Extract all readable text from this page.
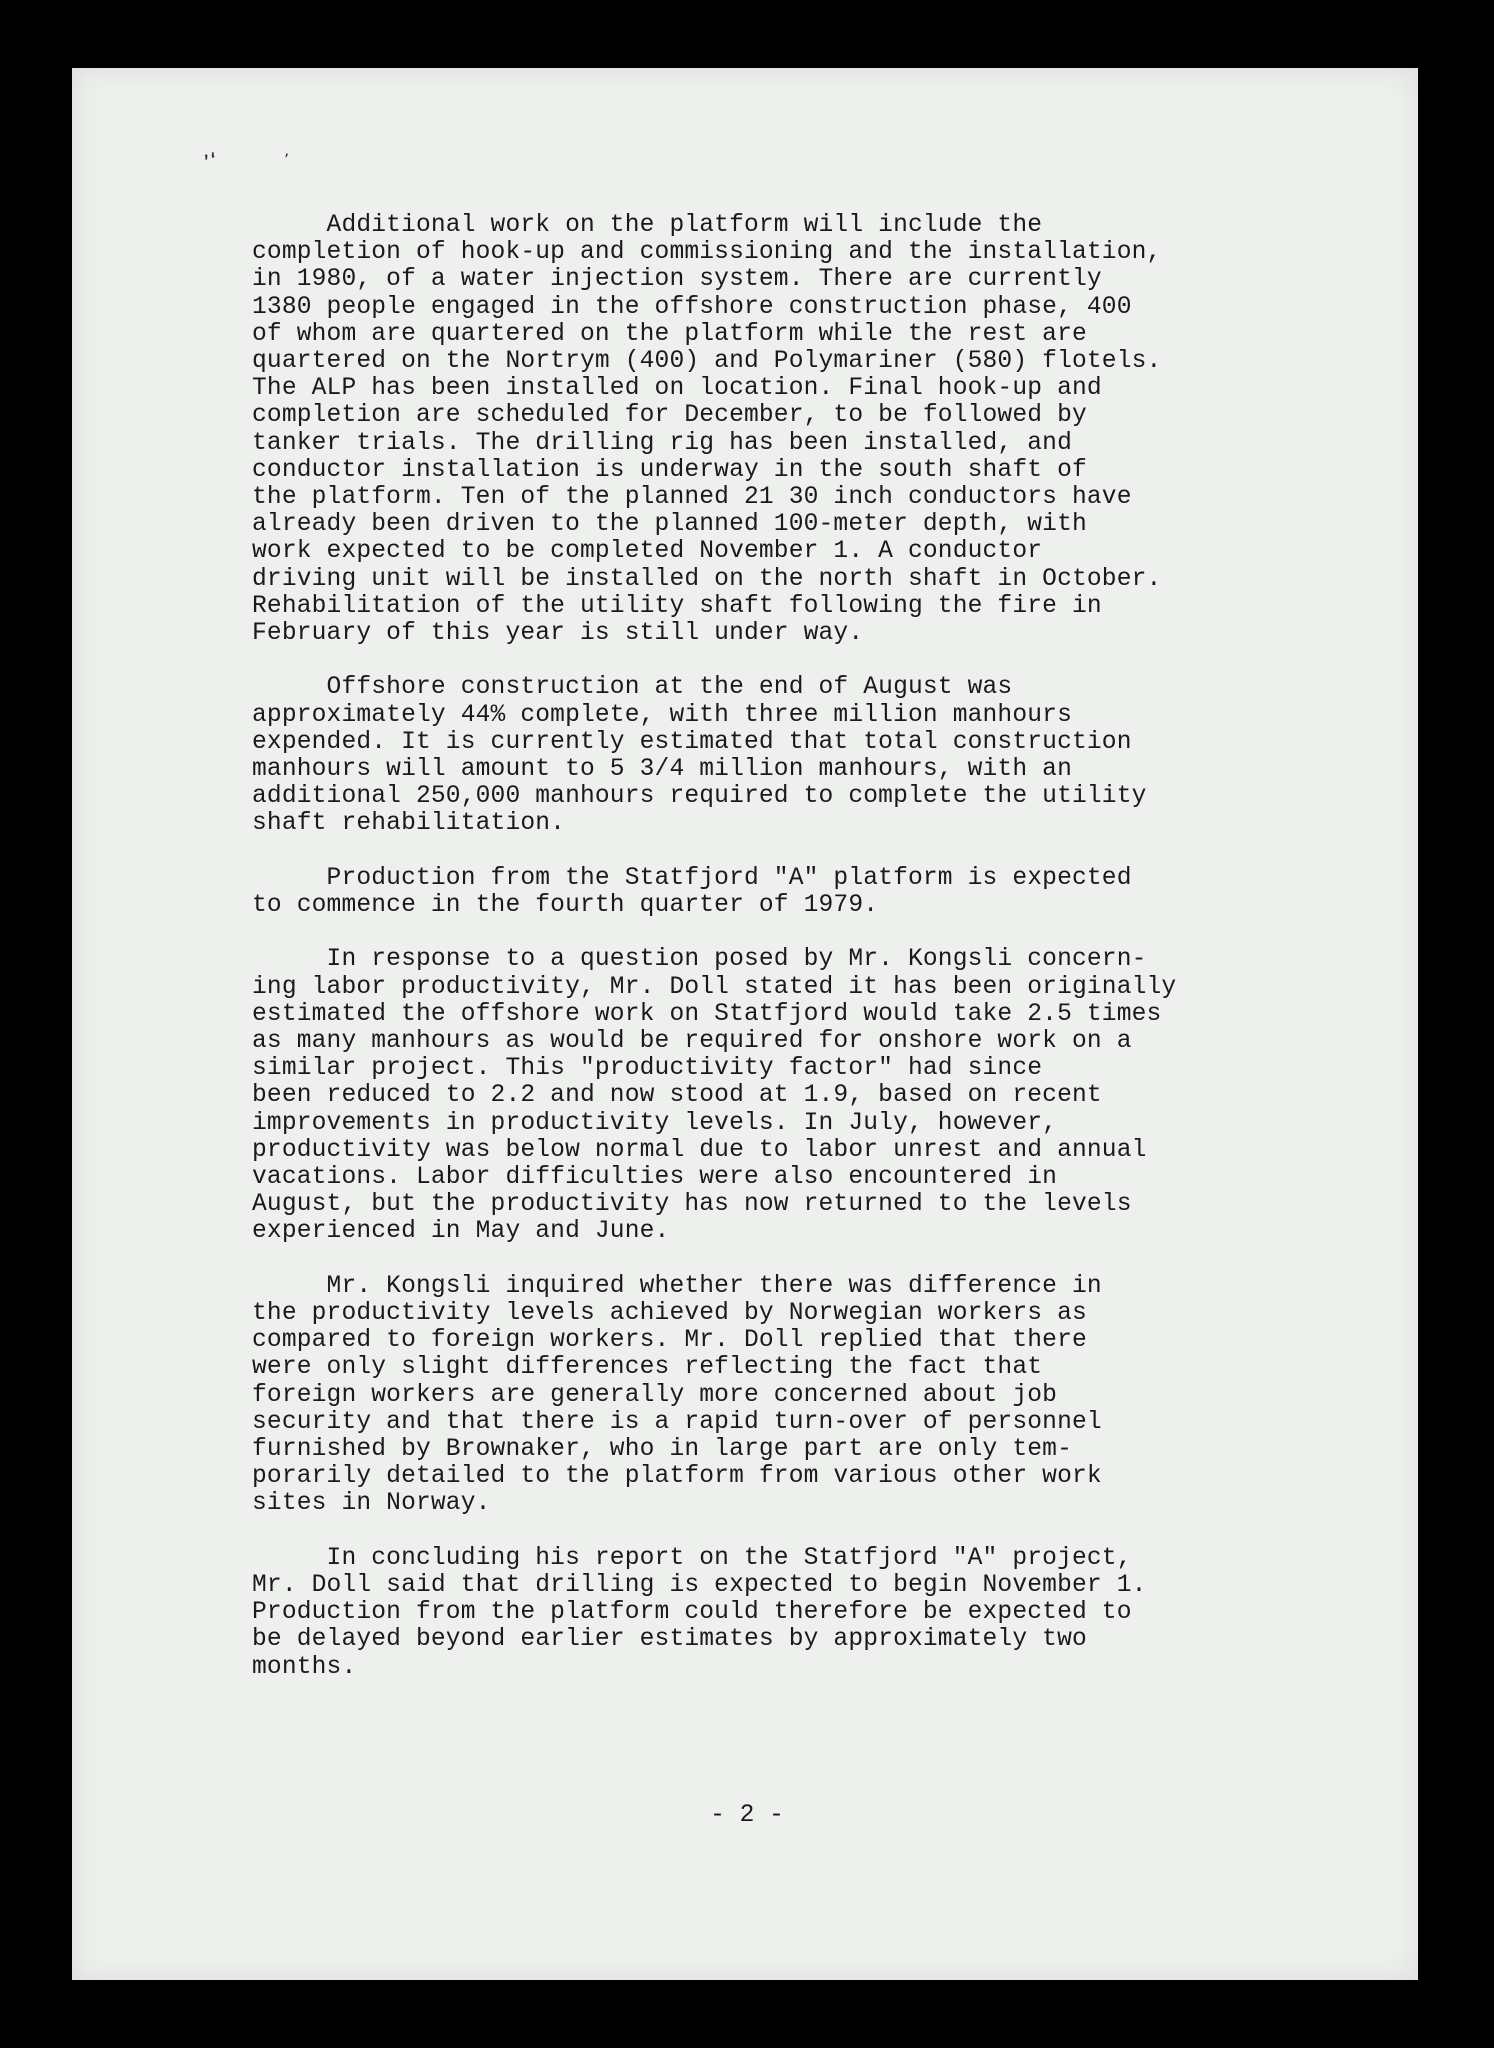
’‘	’

Additional work on the platform will include the
completion of hook-up and commissioning and the installation,
in 1980, of a water injection system. There are currently
1380 people engaged in the offshore construction phase, 400
of whom are quartered on the platform while the rest are
quartered on the Nortrym (400) and Polymariner (580) flotels.
The ALP has been installed on location. Final hook-up and
completion are scheduled for December, to be followed by
tanker trials. The drilling rig has been installed, and
conductor installation is underway in the south shaft of
the platform. Ten of the planned 21 30 inch conductors have
already been driven to the planned 100-meter depth, with
work expected to be completed November 1. A conductor
driving unit will be installed on the north shaft in October.
Rehabilitation of the utility shaft following the fire in
February of this year is still under way.

Offshore construction at the end of August was
approximately 44% complete, with three million manhours
expended. It is currently estimated that total construction
manhours will amount to 5 3/4 million manhours, with an
additional 250,000 manhours required to complete the utility
shaft rehabilitation.

Production from the Statfjord "A" platform is expected
to commence in the fourth quarter of 1979.

In response to a question posed by Mr. Kongsli concern-
ing labor productivity, Mr. Doll stated it has been originally
estimated the offshore work on Statfjord would take 2.5 times
as many manhours as would be required for onshore work on a
similar project. This "productivity factor" had since
been reduced to 2.2 and now stood at 1.9, based on recent
improvements in productivity levels. In July, however,
productivity was below normal due to labor unrest and annual
vacations. Labor difficulties were also encountered in
August, but the productivity has now returned to the levels
experienced in May and June.

Mr. Kongsli inquired whether there was difference in
the productivity levels achieved by Norwegian workers as
compared to foreign workers. Mr. Doll replied that there
were only slight differences reflecting the fact that
foreign workers are generally more concerned about job
security and that there is a rapid turn-over of personnel
furnished by Brownaker, who in large part are only tem-
porarily detailed to the platform from various other work
sites in Norway.

In concluding his report on the Statfjord "A" project,
Mr. Doll said that drilling is expected to begin November 1.
Production from the platform could therefore be expected to
be delayed beyond earlier estimates by approximately two
months.

- 2 -
